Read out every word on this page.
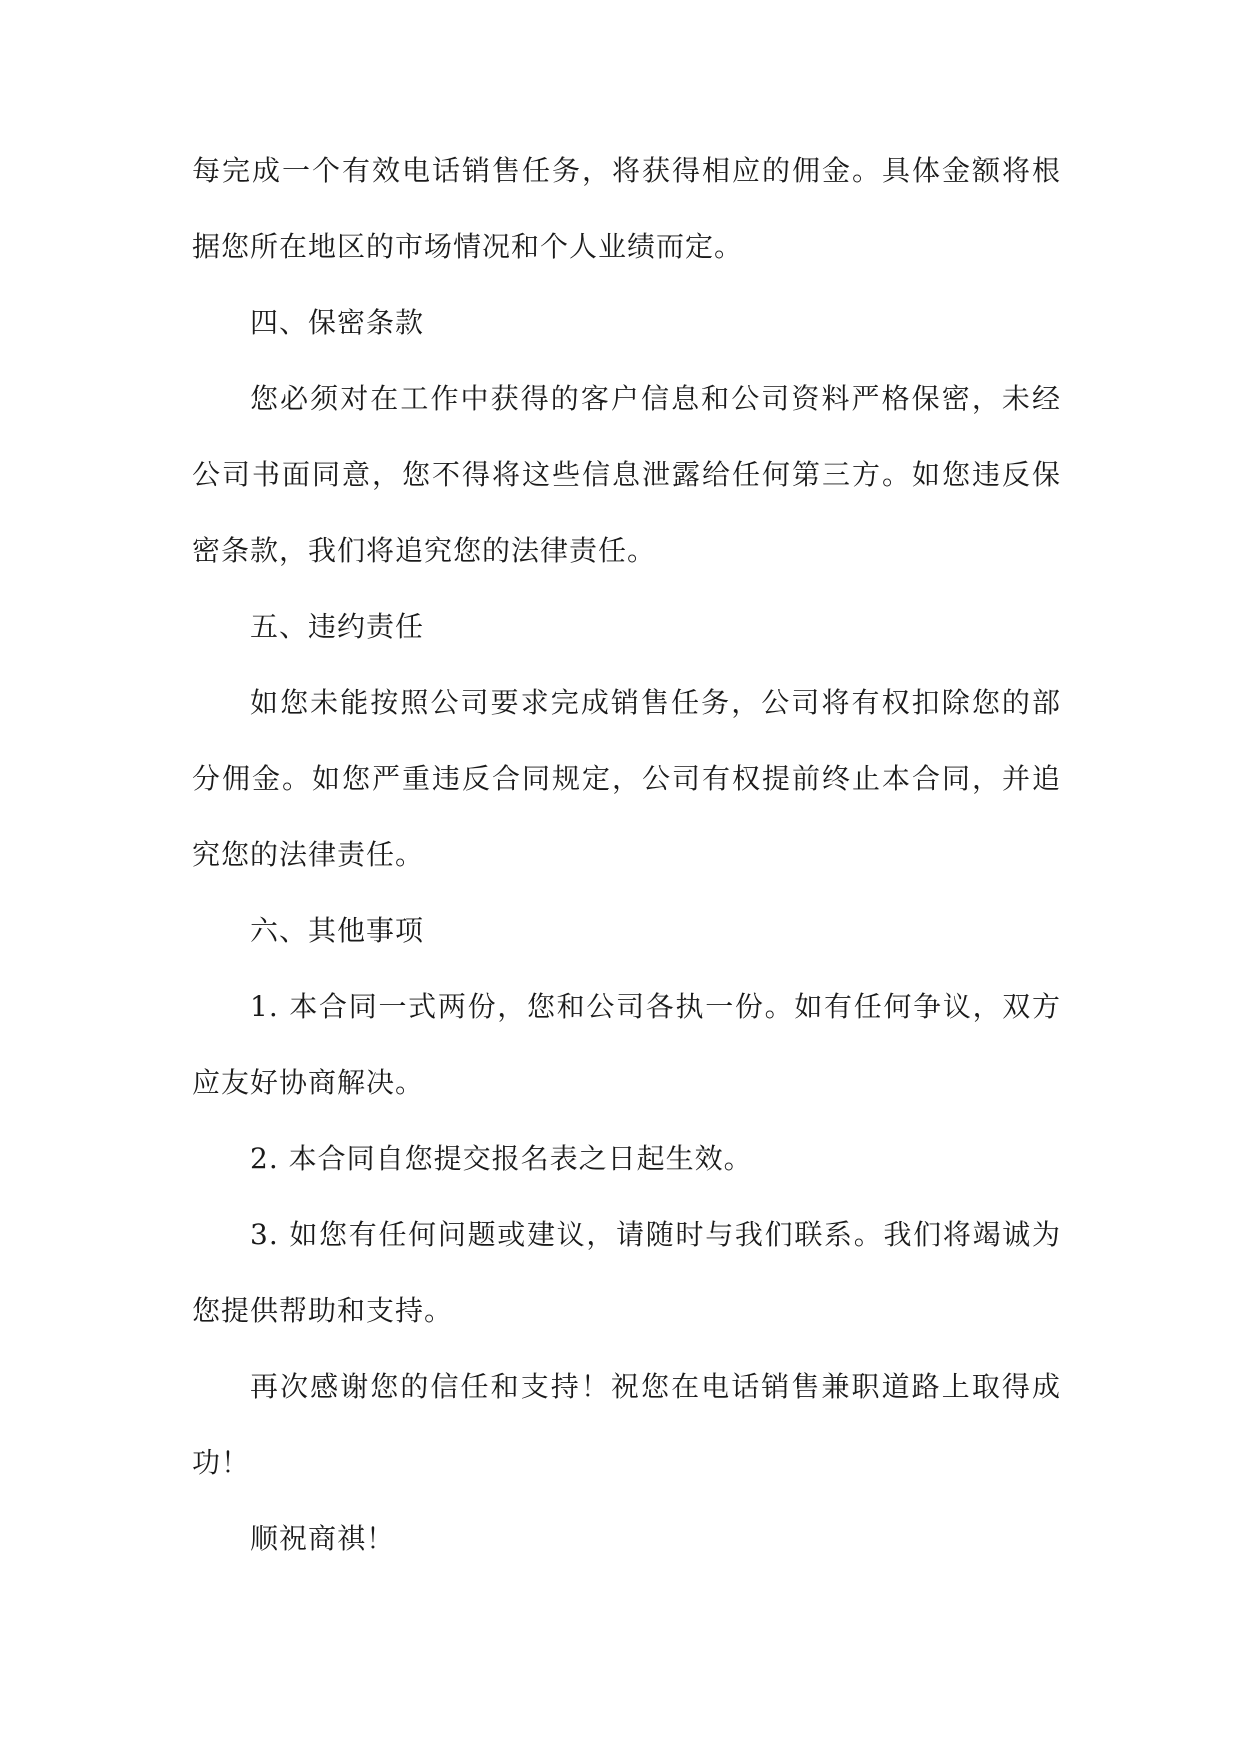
每完成一个有效电话销售任务，将获得相应的佣金。具体金额将根据您所在地区的市场情况和个人业绩而定。

四、保密条款

您必须对在工作中获得的客户信息和公司资料严格保密，未经公司书面同意，您不得将这些信息泄露给任何第三方。如您违反保密条款，我们将追究您的法律责任。

五、违约责任

如您未能按照公司要求完成销售任务，公司将有权扣除您的部分佣金。如您严重违反合同规定，公司有权提前终止本合同，并追究您的法律责任。

六、其他事项

1. 本合同一式两份，您和公司各执一份。如有任何争议，双方应友好协商解决。

2. 本合同自您提交报名表之日起生效。

3. 如您有任何问题或建议，请随时与我们联系。我们将竭诚为您提供帮助和支持。

再次感谢您的信任和支持！祝您在电话销售兼职道路上取得成功！

顺祝商祺！
